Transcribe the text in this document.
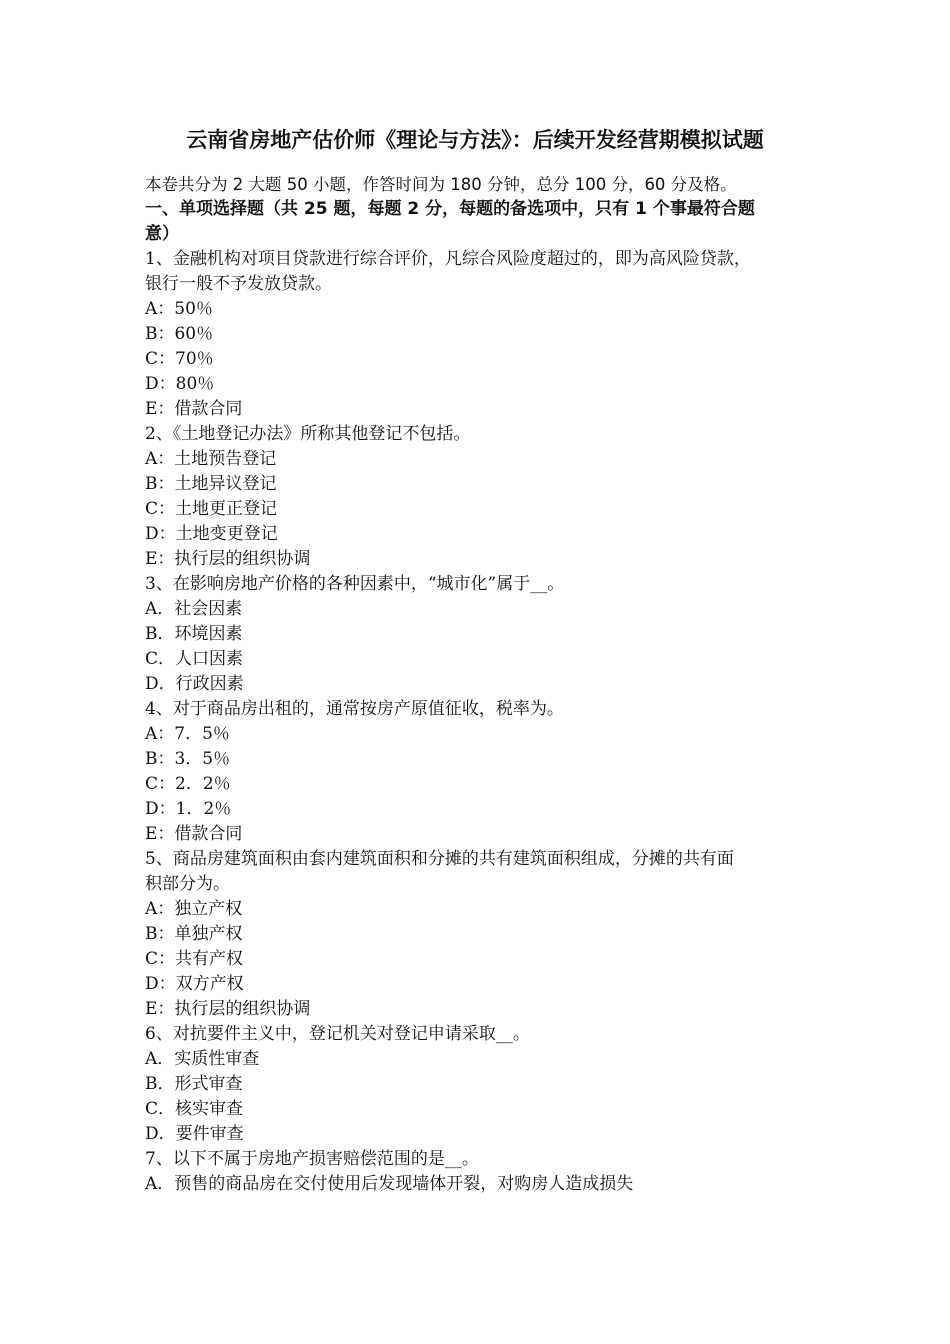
云南省房地产估价师《理论与方法》：后续开发经营期模拟试题
本卷共分为 2 大题 50 小题，作答时间为 180 分钟，总分 100 分，60 分及格。
一、单项选择题（共 25 题，每题 2 分，每题的备选项中，只有 1 个事最符合题
意）
1、金融机构对项目贷款进行综合评价，凡综合风险度超过的，即为高风险贷款，
银行一般不予发放贷款。
A：50％
B：60％
C：70％
D：80％
E：借款合同
2、《土地登记办法》所称其他登记不包括。
A：土地预告登记
B：土地异议登记
C：土地更正登记
D：土地变更登记
E：执行层的组织协调
3、在影响房地产价格的各种因素中，“城市化”属于__。
A．社会因素
B．环境因素
C．人口因素
D．行政因素
4、对于商品房出租的，通常按房产原值征收，税率为。
A：7．5％
B：3．5％
C：2．2％
D：1．2％
E：借款合同
5、商品房建筑面积由套内建筑面积和分摊的共有建筑面积组成，分摊的共有面
积部分为。
A：独立产权
B：单独产权
C：共有产权
D：双方产权
E：执行层的组织协调
6、对抗要件主义中，登记机关对登记申请采取__。
A．实质性审查
B．形式审查
C．核实审查
D．要件审查
7、以下不属于房地产损害赔偿范围的是__。
A．预售的商品房在交付使用后发现墙体开裂，对购房人造成损失
